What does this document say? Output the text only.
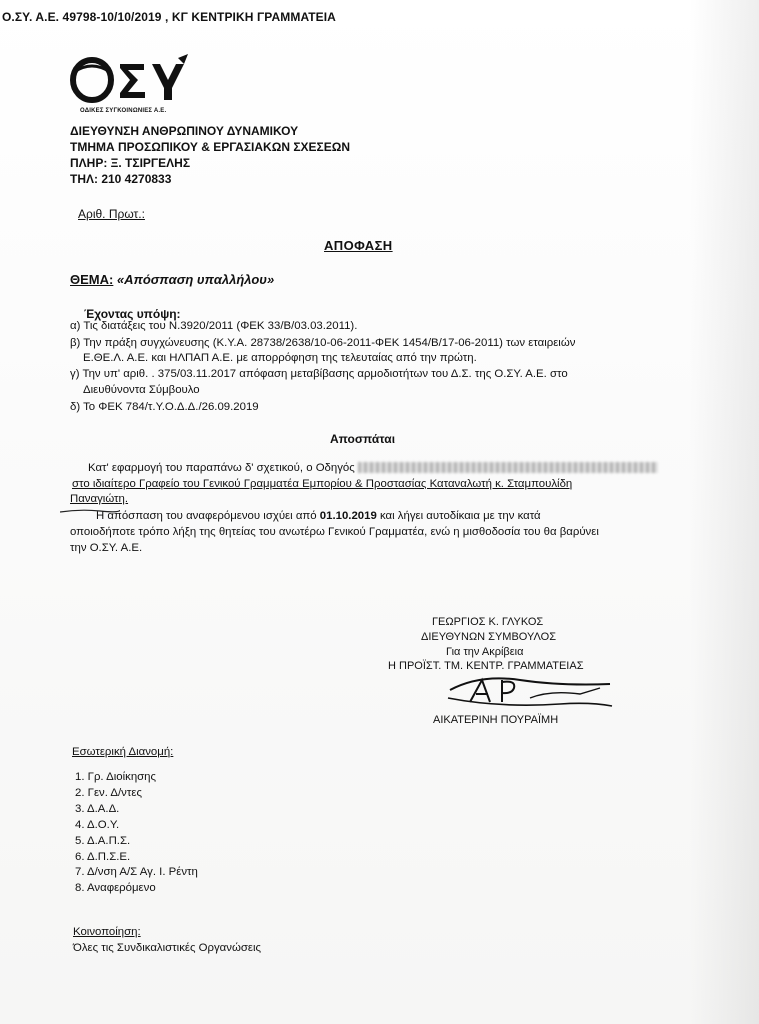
Ο.ΣΥ. Α.Ε. 49798-10/10/2019 , ΚΓ ΚΕΝΤΡΙΚΗ ΓΡΑΜΜΑΤΕΙΑ
ΟΔΙΚΕΣ ΣΥΓΚΟΙΝΩΝΙΕΣ Α.Ε.
ΔΙΕΥΘΥΝΣΗ ΑΝΘΡΩΠΙΝΟΥ ΔΥΝΑΜΙΚΟΥ
ΤΜΗΜΑ ΠΡΟΣΩΠΙΚΟΥ & ΕΡΓΑΣΙΑΚΩΝ ΣΧΕΣΕΩΝ
ΠΛΗΡ: Ξ. ΤΣΙΡΓΕΛΗΣ
ΤΗΛ: 210 4270833
Αριθ. Πρωτ.:
ΑΠΟΦΑΣΗ
ΘΕΜΑ: «Απόσπαση υπαλλήλου»
Έχοντας υπόψη:
α) Τις διατάξεις του Ν.3920/2011 (ΦΕΚ 33/Β/03.03.2011).
β) Την πράξη συγχώνευσης (Κ.Υ.Α. 28738/2638/10-06-2011-ΦΕΚ 1454/Β/17-06-2011) των εταιρειών
Ε.ΘΕ.Λ. Α.Ε. και ΗΛΠΑΠ Α.Ε. με απορρόφηση της τελευταίας από την πρώτη.
γ) Την υπ' αριθ. . 375/03.11.2017 απόφαση μεταβίβασης αρμοδιοτήτων του Δ.Σ. της Ο.ΣΥ. Α.Ε. στο
Διευθύνοντα Σύμβουλο
δ) Το ΦΕΚ 784/τ.Υ.Ο.Δ.Δ./26.09.2019
Αποσπάται
Κατ' εφαρμογή του παραπάνω δ' σχετικού, ο Οδηγός
στο ιδιαίτερο Γραφείο του Γενικού Γραμματέα Εμπορίου & Προστασίας Καταναλωτή κ. Σταμπουλίδη
Παναγιώτη.
Η απόσπαση του αναφερόμενου ισχύει από 01.10.2019 και λήγει αυτοδίκαια με την κατά
οποιοδήποτε τρόπο λήξη της θητείας του ανωτέρω Γενικού Γραμματέα, ενώ η μισθοδοσία του θα βαρύνει
την Ο.ΣΥ. Α.Ε.
ΓΕΩΡΓΙΟΣ Κ. ΓΛΥΚΟΣ
ΔΙΕΥΘΥΝΩΝ ΣΥΜΒΟΥΛΟΣ
Για την Ακρίβεια
Η ΠΡΟΪΣΤ. ΤΜ. ΚΕΝΤΡ. ΓΡΑΜΜΑΤΕΙΑΣ
ΑΙΚΑΤΕΡΙΝΗ ΠΟΥΡΑΪΜΗ
Εσωτερική Διανομή:
1. Γρ. Διοίκησης
2. Γεν. Δ/ντες
3. Δ.Α.Δ.
4. Δ.Ο.Υ.
5. Δ.Α.Π.Σ.
6. Δ.Π.Σ.Ε.
7. Δ/νση Α/Σ Αγ. Ι. Ρέντη
8. Αναφερόμενο
Κοινοποίηση:
Όλες τις Συνδικαλιστικές Οργανώσεις
